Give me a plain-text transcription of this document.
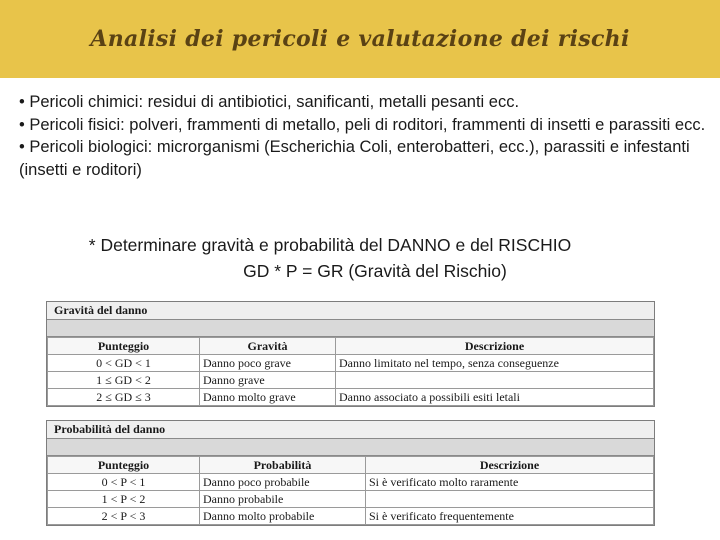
Analisi dei pericoli e valutazione dei rischi
• Pericoli chimici: residui di antibiotici, sanificanti, metalli pesanti ecc.
• Pericoli fisici: polveri, frammenti di metallo, peli di roditori, frammenti di insetti e parassiti ecc.
• Pericoli biologici: microrganismi (Escherichia Coli, enterobatteri, ecc.), parassiti e infestanti (insetti e roditori)
* Determinare gravità e probabilità del DANNO e del RISCHIO
GD * P = GR (Gravità del Rischio)
Gravità del danno
Punteggio	Gravità	Descrizione
0 < GD < 1	Danno poco grave	Danno limitato nel tempo, senza conseguenze
1 ≤ GD < 2	Danno grave	
2 ≤ GD ≤ 3	Danno molto grave	Danno associato a possibili esiti letali
Probabilità del danno
Punteggio	Probabilità	Descrizione
0 < P < 1	Danno poco probabile	Si è verificato molto raramente
1 < P < 2	Danno probabile	
2 < P < 3	Danno molto probabile	Si è verificato frequentemente
